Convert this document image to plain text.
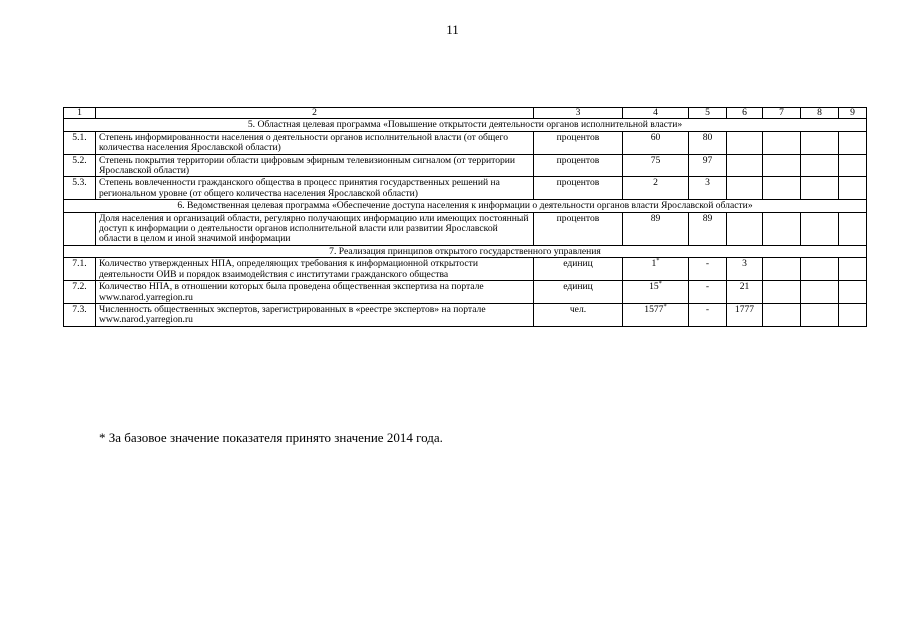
11
1	2	3	4	5	6	7	8	9
5. Областная целевая программа «Повышение открытости деятельности органов исполнительной власти»								
5.1.	Степень информированности населения о деятельности органов исполнительной власти (от общего количества населения Ярославской области)	процентов	60	80				
5.2.	Степень покрытия территории области цифровым эфирным телевизионным сигналом (от территории Ярославской области)	процентов	75	97				
5.3.	Степень вовлеченности гражданского общества в процесс принятия государственных решений на региональном уровне (от общего количества населения Ярославской области)	процентов	2	3				
6. Ведомственная целевая программа «Обеспечение доступа населения к информации о деятельности органов власти Ярославской области»								
	Доля населения и организаций области, регулярно получающих информацию или имеющих постоянный доступ к информации о деятельности органов исполнительной власти или развитии Ярославской области в целом и иной значимой информации	процентов	89	89				
7. Реализация принципов открытого государственного управления								
7.1.	Количество утвержденных НПА, определяющих требования к информационной открытости деятельности ОИВ и порядок взаимодействия с институтами гражданского общества	единиц	1*	-	3			
7.2.	Количество НПА, в отношении которых была проведена общественная экспертиза на портале www.narod.yarregion.ru	единиц	15*	-	21			
7.3.	Численность общественных экспертов, зарегистрированных в «реестре экспертов» на портале www.narod.yarregion.ru	чел.	1577*	-	1777			
* За базовое значение показателя принято значение 2014 года.
